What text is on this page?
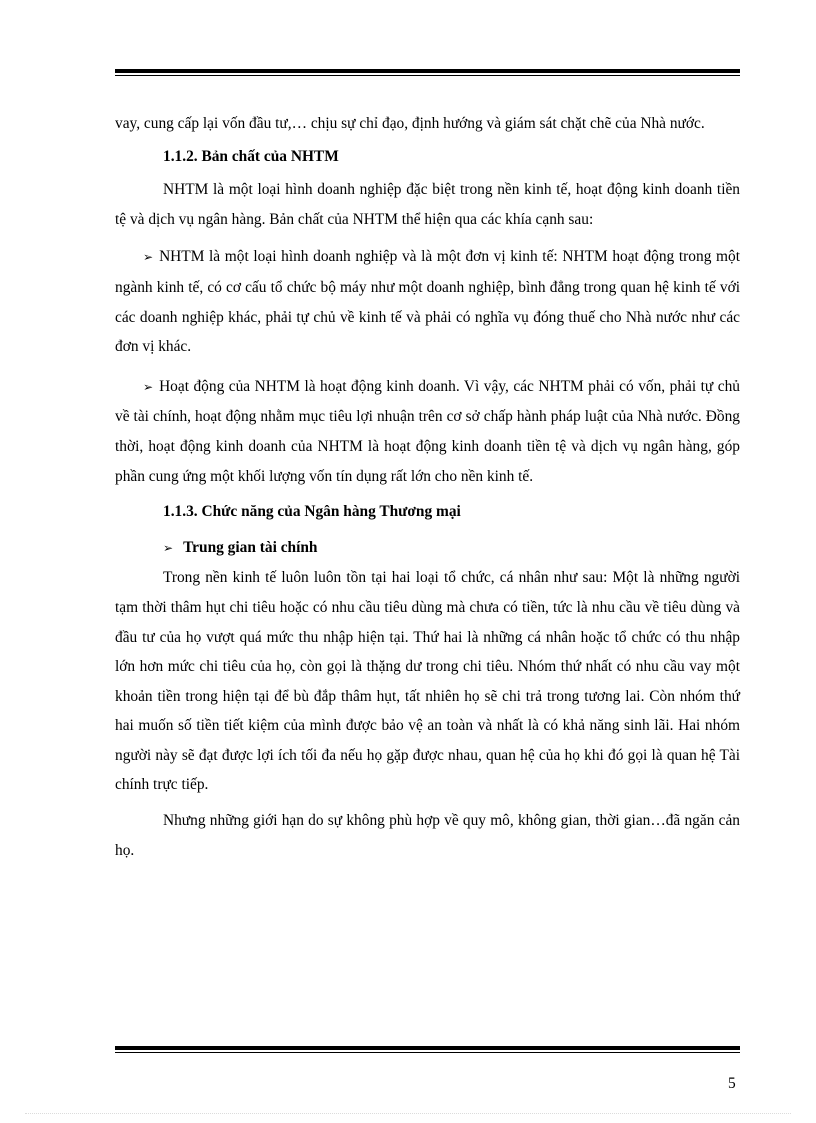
vay, cung cấp lại vốn đầu tư,… chịu sự chỉ đạo, định hướng và giám sát chặt chẽ của Nhà nước.

1.1.2. Bản chất của NHTM

NHTM là một loại hình doanh nghiệp đặc biệt trong nền kinh tế, hoạt động kinh doanh tiền tệ và dịch vụ ngân hàng. Bản chất của NHTM thể hiện qua các khía cạnh sau:

➢ NHTM là một loại hình doanh nghiệp và là một đơn vị kinh tế: NHTM hoạt động trong một ngành kinh tế, có cơ cấu tổ chức bộ máy như một doanh nghiệp, bình đẳng trong quan hệ kinh tế với các doanh nghiệp khác, phải tự chủ về kinh tế và phải có nghĩa vụ đóng thuế cho Nhà nước như các đơn vị khác.

➢ Hoạt động của NHTM là hoạt động kinh doanh. Vì vậy, các NHTM phải có vốn, phải tự chủ về tài chính, hoạt động nhằm mục tiêu lợi nhuận trên cơ sở chấp hành pháp luật của Nhà nước. Đồng thời, hoạt động kinh doanh của NHTM là hoạt động kinh doanh tiền tệ và dịch vụ ngân hàng, góp phần cung ứng một khối lượng vốn tín dụng rất lớn cho nền kinh tế.

1.1.3. Chức năng của Ngân hàng Thương mại

➢ Trung gian tài chính

Trong nền kinh tế luôn luôn tồn tại hai loại tổ chức, cá nhân như sau: Một là những người tạm thời thâm hụt chi tiêu hoặc có nhu cầu tiêu dùng mà chưa có tiền, tức là nhu cầu về tiêu dùng và đầu tư của họ vượt quá mức thu nhập hiện tại. Thứ hai là những cá nhân hoặc tổ chức có thu nhập lớn hơn mức chi tiêu của họ, còn gọi là thặng dư trong chi tiêu. Nhóm thứ nhất có nhu cầu vay một khoản tiền trong hiện tại để bù đắp thâm hụt, tất nhiên họ sẽ chi trả trong tương lai. Còn nhóm thứ hai muốn số tiền tiết kiệm của mình được bảo vệ an toàn và nhất là có khả năng sinh lãi. Hai nhóm người này sẽ đạt được lợi ích tối đa nếu họ gặp được nhau, quan hệ của họ khi đó gọi là quan hệ Tài chính trực tiếp.

Nhưng những giới hạn do sự không phù hợp về quy mô, không gian, thời gian…đã ngăn cản họ.

5
